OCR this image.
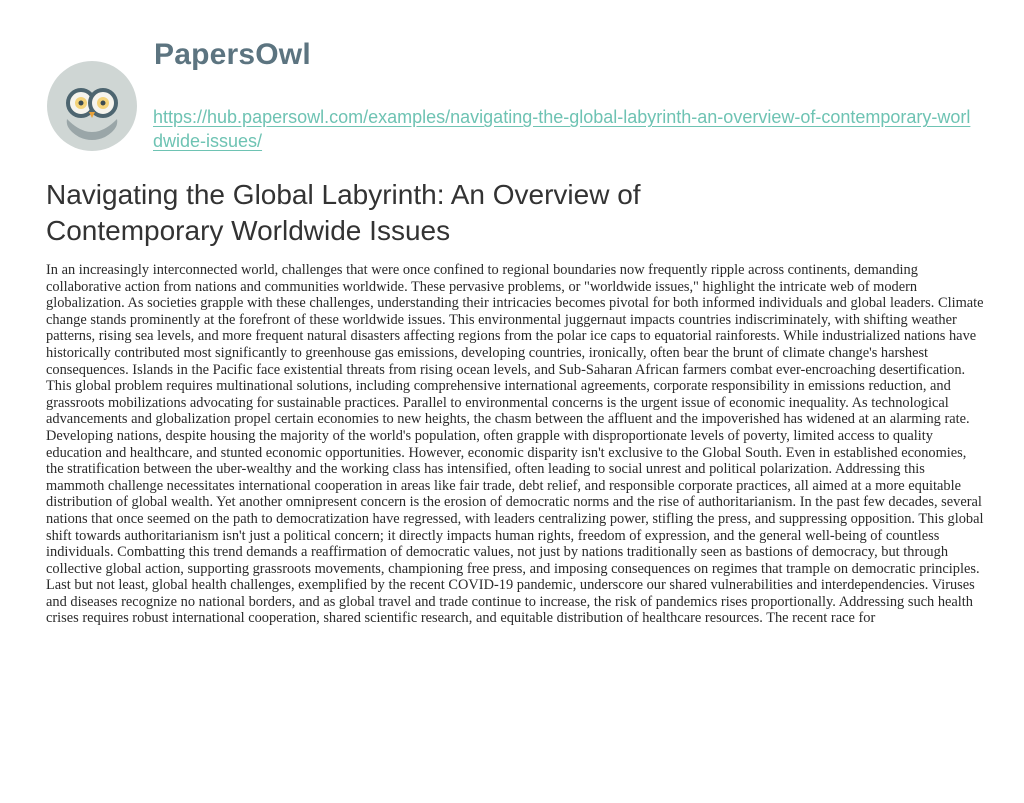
PapersOwl
https://hub.papersowl.com/examples/navigating-the-global-labyrinth-an-overview-of-contemporary-worldwide-issues/
Navigating the Global Labyrinth: An Overview of Contemporary Worldwide Issues

In an increasingly interconnected world, challenges that were once confined to regional boundaries now frequently ripple across continents, demanding collaborative action from nations and communities worldwide. These pervasive problems, or "worldwide issues," highlight the intricate web of modern globalization. As societies grapple with these challenges, understanding their intricacies becomes pivotal for both informed individuals and global leaders. Climate change stands prominently at the forefront of these worldwide issues. This environmental juggernaut impacts countries indiscriminately, with shifting weather patterns, rising sea levels, and more frequent natural disasters affecting regions from the polar ice caps to equatorial rainforests. While industrialized nations have historically contributed most significantly to greenhouse gas emissions, developing countries, ironically, often bear the brunt of climate change's harshest consequences. Islands in the Pacific face existential threats from rising ocean levels, and Sub-Saharan African farmers combat ever-encroaching desertification. This global problem requires multinational solutions, including comprehensive international agreements, corporate responsibility in emissions reduction, and grassroots mobilizations advocating for sustainable practices. Parallel to environmental concerns is the urgent issue of economic inequality. As technological advancements and globalization propel certain economies to new heights, the chasm between the affluent and the impoverished has widened at an alarming rate. Developing nations, despite housing the majority of the world's population, often grapple with disproportionate levels of poverty, limited access to quality education and healthcare, and stunted economic opportunities. However, economic disparity isn't exclusive to the Global South. Even in established economies, the stratification between the uber-wealthy and the working class has intensified, often leading to social unrest and political polarization. Addressing this mammoth challenge necessitates international cooperation in areas like fair trade, debt relief, and responsible corporate practices, all aimed at a more equitable distribution of global wealth. Yet another omnipresent concern is the erosion of democratic norms and the rise of authoritarianism. In the past few decades, several nations that once seemed on the path to democratization have regressed, with leaders centralizing power, stifling the press, and suppressing opposition. This global shift towards authoritarianism isn't just a political concern; it directly impacts human rights, freedom of expression, and the general well-being of countless individuals. Combatting this trend demands a reaffirmation of democratic values, not just by nations traditionally seen as bastions of democracy, but through collective global action, supporting grassroots movements, championing free press, and imposing consequences on regimes that trample on democratic principles. Last but not least, global health challenges, exemplified by the recent COVID-19 pandemic, underscore our shared vulnerabilities and interdependencies. Viruses and diseases recognize no national borders, and as global travel and trade continue to increase, the risk of pandemics rises proportionally. Addressing such health crises requires robust international cooperation, shared scientific research, and equitable distribution of healthcare resources. The recent race for
